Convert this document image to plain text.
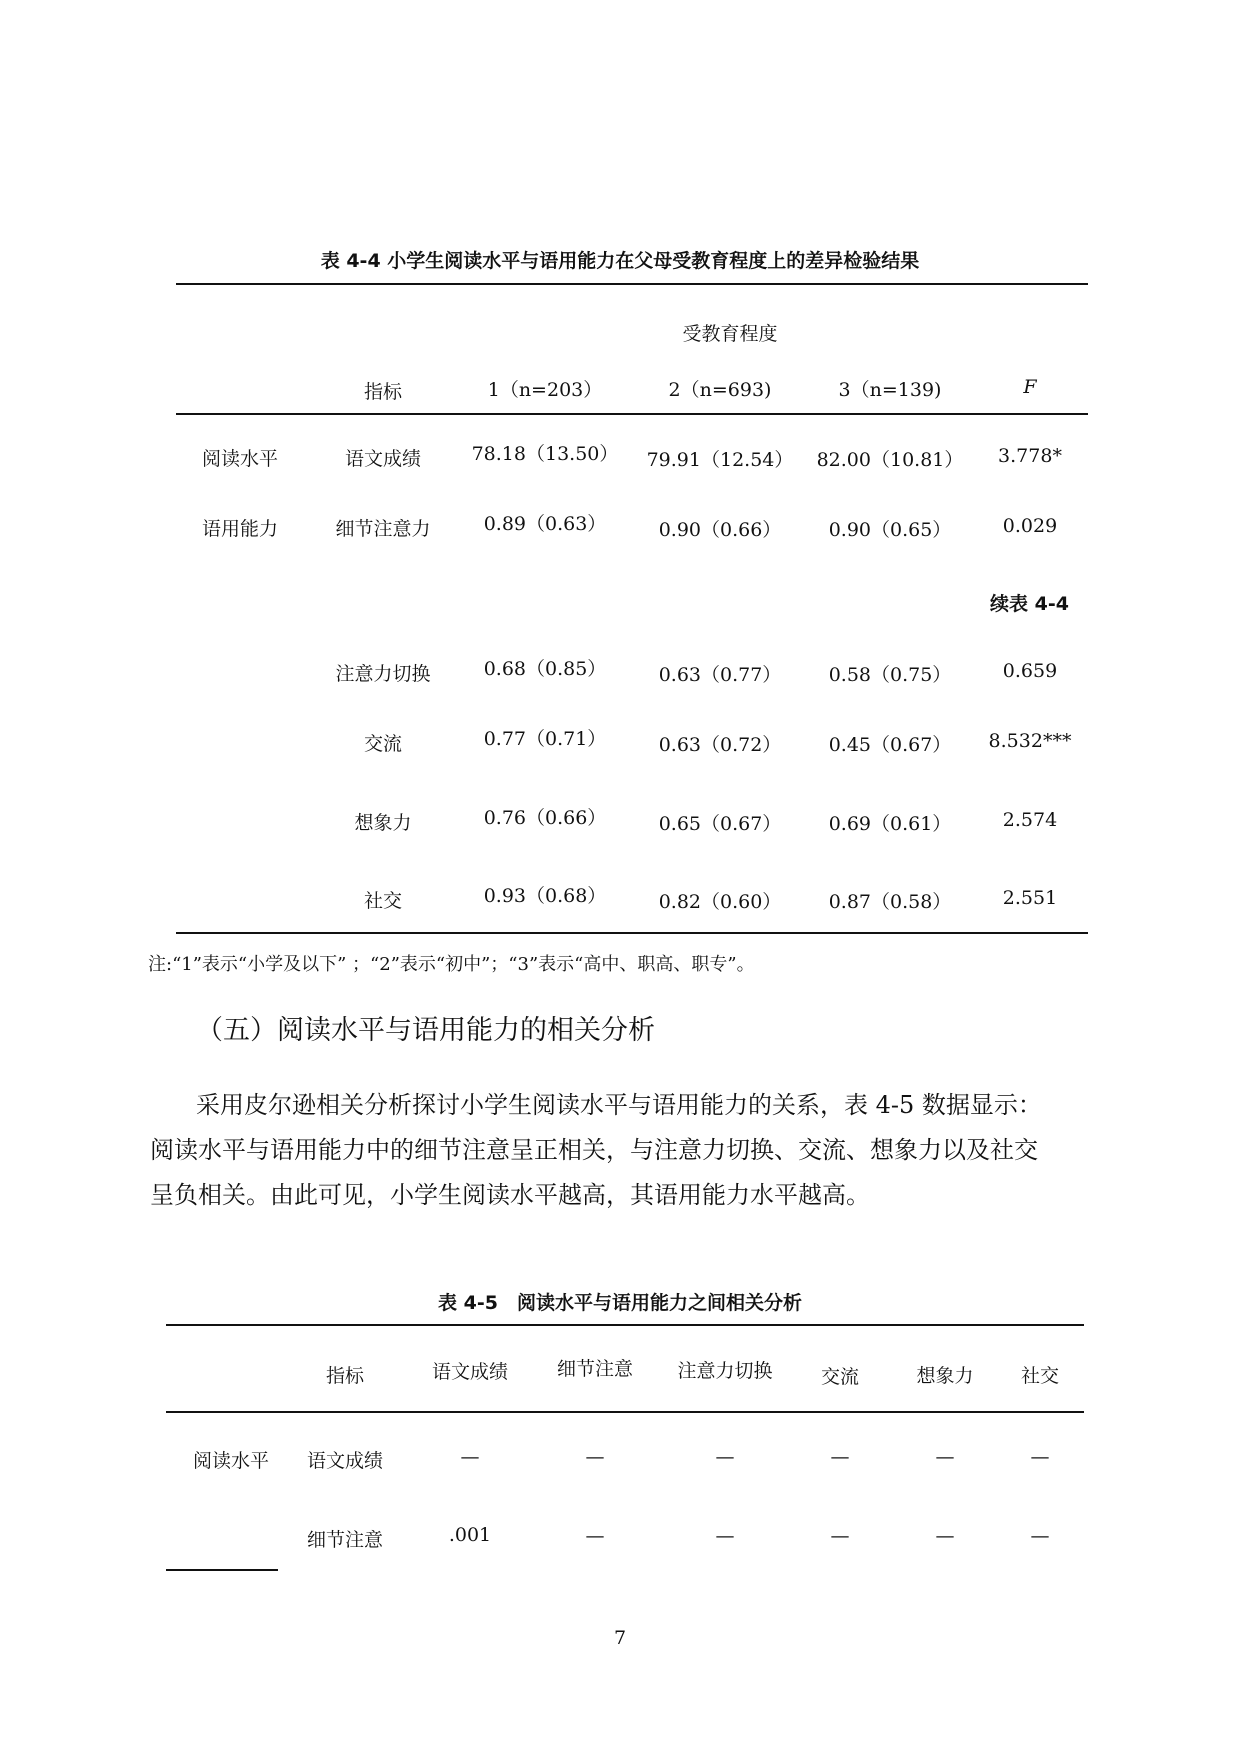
表 4-4 小学生阅读水平与语用能力在父母受教育程度上的差异检验结果
受教育程度
指标	1（n=203）	2（n=693)	3（n=139)	F
阅读水平	语文成绩	78.18（13.50）	79.91（12.54）	82.00（10.81）	3.778*
语用能力	细节注意力	0.89（0.63）	0.90（0.66）	0.90（0.65）	0.029
续表 4-4
注意力切换	0.68（0.85）	0.63（0.77）	0.58（0.75）	0.659
交流	0.77（0.71）	0.63（0.72）	0.45（0.67）	8.532***
想象力	0.76（0.66）	0.65（0.67）	0.69（0.61）	2.574
社交	0.93（0.68）	0.82（0.60）	0.87（0.58）	2.551
注:“1”表示“小学及以下” ；“2”表示“初中”；“3”表示“高中、职高、职专”。
（五）阅读水平与语用能力的相关分析
采用皮尔逊相关分析探讨小学生阅读水平与语用能力的关系，表 4-5 数据显示：
阅读水平与语用能力中的细节注意呈正相关，与注意力切换、交流、想象力以及社交
呈负相关。由此可见，小学生阅读水平越高，其语用能力水平越高。
表 4-5　阅读水平与语用能力之间相关分析
指标	语文成绩	细节注意	注意力切换	交流	想象力	社交
阅读水平	语文成绩	—	—	—	—	—	—
细节注意	.001	—	—	—	—	—
7
